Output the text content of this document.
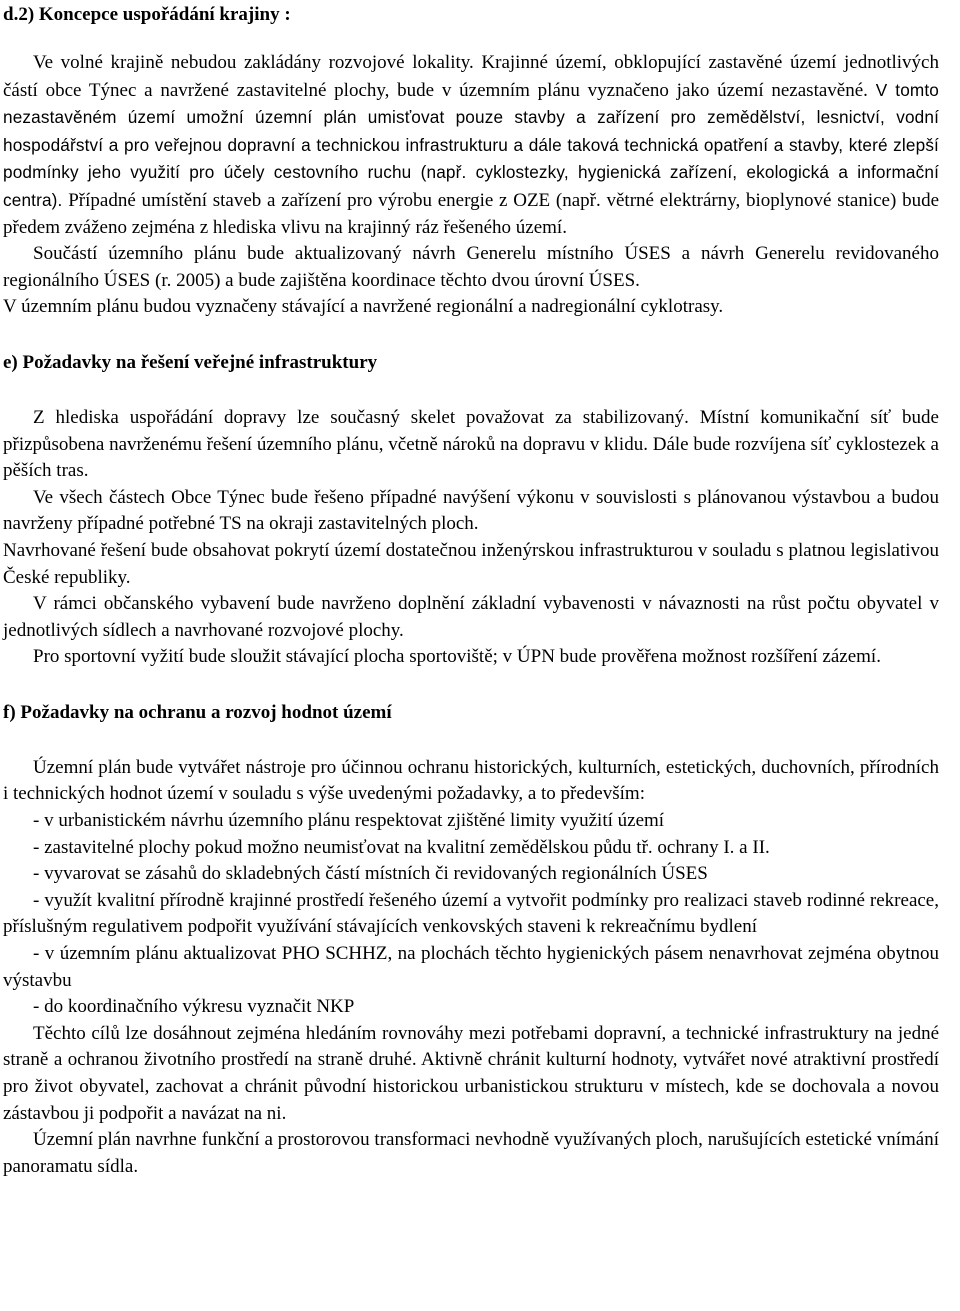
d.2) Koncepce uspořádání krajiny :

Ve volné krajině nebudou zakládány rozvojové lokality. Krajinné území, obklopující zastavěné území jednotlivých částí obce Týnec a navržené zastavitelné plochy, bude v územním plánu vyznačeno jako území nezastavěné. V tomto nezastavěném území umožní územní plán umisťovat pouze stavby a zařízení pro zemědělství, lesnictví, vodní hospodářství a pro veřejnou dopravní a technickou infrastrukturu a dále taková technická opatření a stavby, které zlepší podmínky jeho využití pro účely cestovního ruchu (např. cyklostezky, hygienická zařízení, ekologická a informační centra). Případné umístění staveb a zařízení pro výrobu energie z OZE (např. větrné elektrárny, bioplynové stanice) bude předem zváženo zejména z hlediska vlivu na krajinný ráz řešeného území.

Součástí územního plánu bude aktualizovaný návrh Generelu místního ÚSES a návrh Generelu revidovaného regionálního ÚSES (r. 2005) a bude zajištěna koordinace těchto dvou úrovní ÚSES.

V územním plánu budou vyznačeny stávající a navržené regionální a nadregionální cyklotrasy.

e) Požadavky na řešení veřejné infrastruktury

Z hlediska uspořádání dopravy lze současný skelet považovat za stabilizovaný. Místní komunikační síť bude přizpůsobena navrženému řešení územního plánu, včetně nároků na dopravu v klidu. Dále bude rozvíjena síť cyklostezek a pěších tras.

Ve všech částech Obce Týnec bude řešeno případné navýšení výkonu v souvislosti s plánovanou výstavbou a budou navrženy případné potřebné TS na okraji zastavitelných ploch.

Navrhované řešení bude obsahovat pokrytí území dostatečnou inženýrskou infrastrukturou v souladu s platnou legislativou České republiky.

V rámci občanského vybavení bude navrženo doplnění základní vybavenosti v návaznosti na růst počtu obyvatel v jednotlivých sídlech a navrhované rozvojové plochy.

Pro sportovní vyžití bude sloužit stávající plocha sportoviště; v ÚPN bude prověřena možnost rozšíření zázemí.

f) Požadavky na ochranu a rozvoj hodnot území

Územní plán bude vytvářet nástroje pro účinnou ochranu historických, kulturních, estetických, duchovních, přírodních i technických hodnot území v souladu s výše uvedenými požadavky, a to především:

- v urbanistickém návrhu územního plánu respektovat zjištěné limity využití území

- zastavitelné plochy pokud možno neumisťovat na kvalitní zemědělskou půdu tř. ochrany I. a II.

- vyvarovat se zásahů do skladebných částí místních či revidovaných regionálních ÚSES

- využít kvalitní přírodně krajinné prostředí řešeného území a vytvořit podmínky pro realizaci staveb rodinné rekreace, příslušným regulativem podpořit využívání stávajících venkovských staveni k rekreačnímu bydlení

- v územním plánu aktualizovat PHO SCHHZ, na plochách těchto hygienických pásem nenavrhovat zejména obytnou výstavbu

- do koordinačního výkresu vyznačit NKP

Těchto cílů lze dosáhnout zejména hledáním rovnováhy mezi potřebami dopravní, a technické infrastruktury na jedné straně a ochranou životního prostředí na straně druhé. Aktivně chránit kulturní hodnoty, vytvářet nové atraktivní prostředí pro život obyvatel, zachovat a chránit původní historickou urbanistickou strukturu v místech, kde se dochovala a novou zástavbou ji podpořit a navázat na ni.

Územní plán navrhne funkční a prostorovou transformaci nevhodně využívaných ploch, narušujících estetické vnímání panoramatu sídla.
